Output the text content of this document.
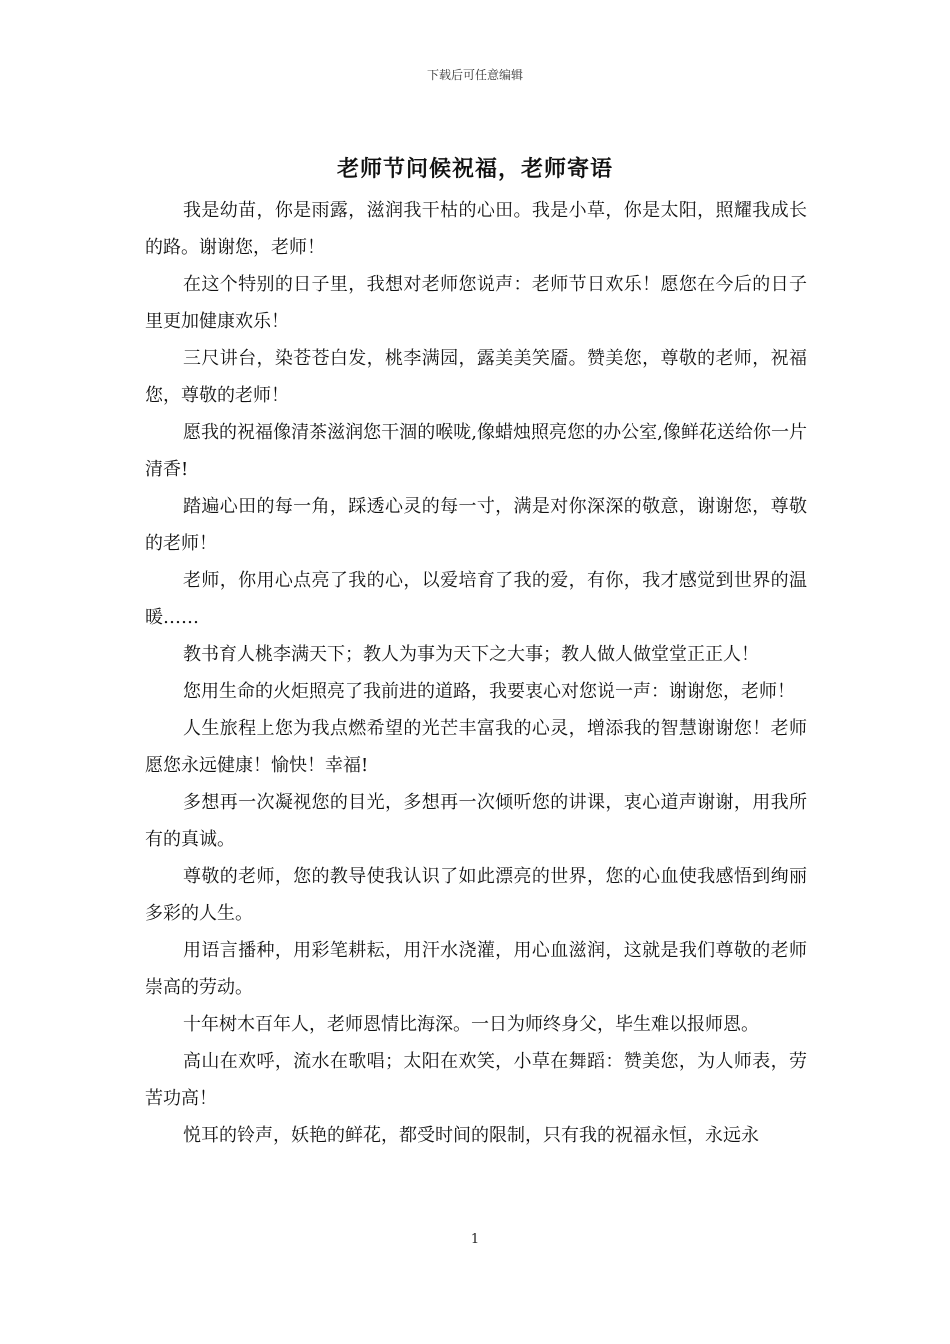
下载后可任意编辑
老师节问候祝福，老师寄语

我是幼苗，你是雨露，滋润我干枯的心田。我是小草，你是太阳，照耀我成长的路。谢谢您，老师！

在这个特别的日子里，我想对老师您说声：老师节日欢乐！愿您在今后的日子里更加健康欢乐！

三尺讲台，染苍苍白发，桃李满园，露美美笑靥。赞美您，尊敬的老师，祝福您，尊敬的老师！

愿我的祝福像清茶滋润您干涸的喉咙,像蜡烛照亮您的办公室,像鲜花送给你一片清香!

踏遍心田的每一角，踩透心灵的每一寸，满是对你深深的敬意，谢谢您，尊敬的老师！

老师，你用心点亮了我的心，以爱培育了我的爱，有你，我才感觉到世界的温暖……

教书育人桃李满天下；教人为事为天下之大事；教人做人做堂堂正正人！

您用生命的火炬照亮了我前进的道路，我要衷心对您说一声：谢谢您，老师！

人生旅程上您为我点燃希望的光芒丰富我的心灵，增添我的智慧谢谢您！老师愿您永远健康！愉快！幸福!

多想再一次凝视您的目光，多想再一次倾听您的讲课，衷心道声谢谢，用我所有的真诚。

尊敬的老师，您的教导使我认识了如此漂亮的世界，您的心血使我感悟到绚丽多彩的人生。

用语言播种，用彩笔耕耘，用汗水浇灌，用心血滋润，这就是我们尊敬的老师崇高的劳动。

十年树木百年人，老师恩情比海深。一日为师终身父，毕生难以报师恩。

高山在欢呼，流水在歌唱；太阳在欢笑，小草在舞蹈：赞美您，为人师表，劳苦功高！

悦耳的铃声，妖艳的鲜花，都受时间的限制，只有我的祝福永恒，永远永

1
